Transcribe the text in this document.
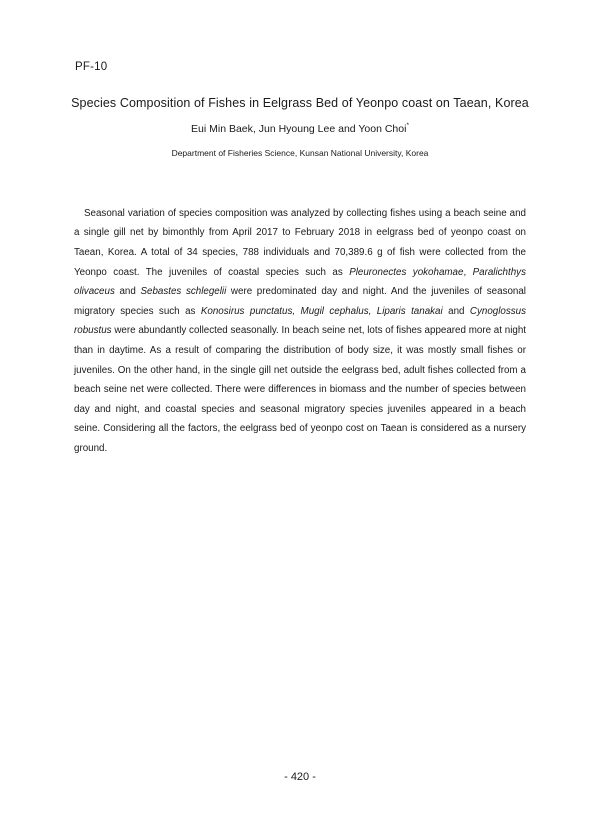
PF-10
Species Composition of Fishes in Eelgrass Bed of Yeonpo coast on Taean, Korea
Eui Min Baek, Jun Hyoung Lee and Yoon Choi*
Department of Fisheries Science, Kunsan National University, Korea

Seasonal variation of species composition was analyzed by collecting fishes using a beach seine and a single gill net by bimonthly from April 2017 to February 2018 in eelgrass bed of yeonpo coast on Taean, Korea. A total of 34 species, 788 individuals and 70,389.6 g of fish were collected from the Yeonpo coast. The juveniles of coastal species such as Pleuronectes yokohamae, Paralichthys olivaceus and Sebastes schlegelii were predominated day and night. And the juveniles of seasonal migratory species such as Konosirus punctatus, Mugil cephalus, Liparis tanakai and Cynoglossus robustus were abundantly collected seasonally. In beach seine net, lots of fishes appeared more at night than in daytime. As a result of comparing the distribution of body size, it was mostly small fishes or juveniles. On the other hand, in the single gill net outside the eelgrass bed, adult fishes collected from a beach seine net were collected. There were differences in biomass and the number of species between day and night, and coastal species and seasonal migratory species juveniles appeared in a beach seine. Considering all the factors, the eelgrass bed of yeonpo cost on Taean is considered as a nursery ground.

- 420 -
